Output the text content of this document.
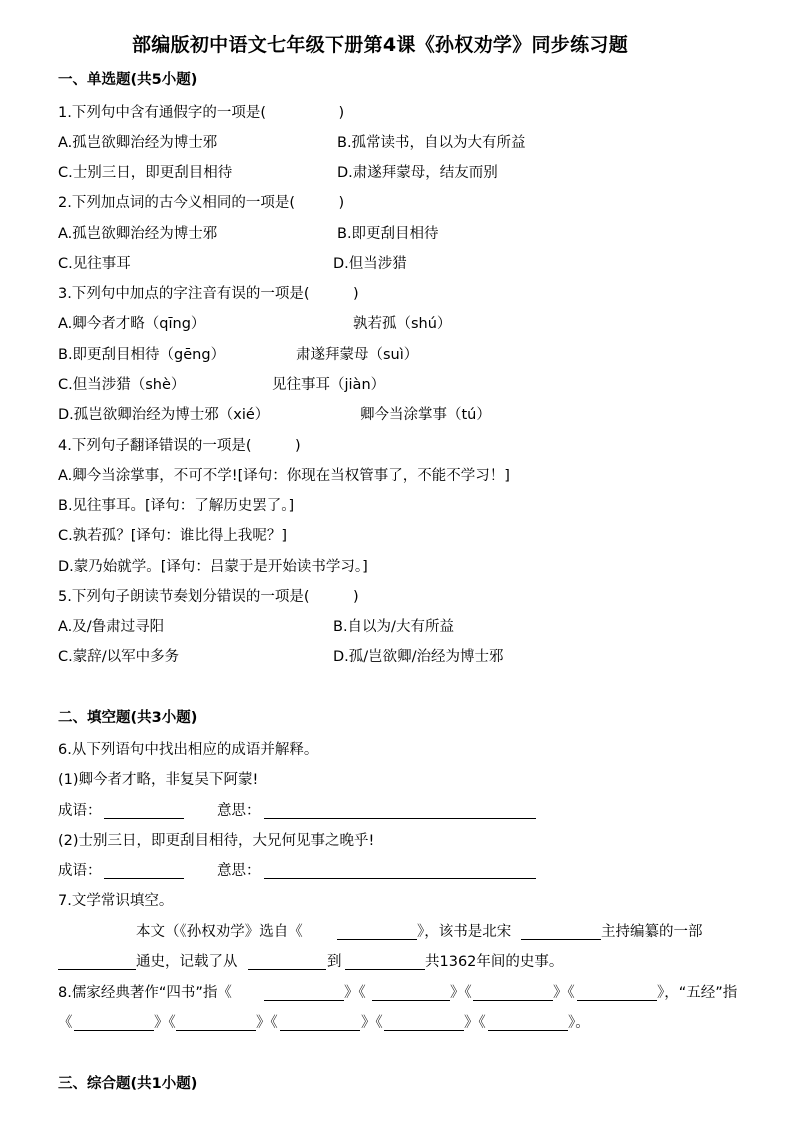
部编版初中语文七年级下册第4课《孙权劝学》同步练习题
一、单选题(共5小题)
1.下列句中含有通假字的一项是(　　　　　)
A.孤岂欲卿治经为博士邪	B.孤常读书，自以为大有所益
C.士别三日，即更刮目相待	D.肃遂拜蒙母，结友而别
2.下列加点词的古今义相同的一项是(　　　)
A.孤岂欲卿治经为博士邪	B.即更刮目相待
C.见往事耳	D.但当涉猎
3.下列句中加点的字注音有误的一项是(　　　)
A.卿今者才略（qīng）	孰若孤（shú）
B.即更刮目相待（gēng）	肃遂拜蒙母（suì）
C.但当涉猎（shè）	见往事耳（jiàn）
D.孤岂欲卿治经为博士邪（xié）	卿今当涂掌事（tú）
4.下列句子翻译错误的一项是(　　　)
A.卿今当涂掌事，不可不学![译句：你现在当权管事了，不能不学习！]
B.见往事耳。[译句：了解历史罢了。]
C.孰若孤？[译句：谁比得上我呢？]
D.蒙乃始就学。[译句：吕蒙于是开始读书学习。]
5.下列句子朗读节奏划分错误的一项是(　　　)
A.及/鲁肃过寻阳	B.自以为/大有所益
C.蒙辞/以军中多务	D.孤/岂欲卿/治经为博士邪
二、填空题(共3小题)
6.从下列语句中找出相应的成语并解释。
(1)卿今者才略，非复吴下阿蒙!
成语：	意思：
(2)士别三日，即更刮目相待，大兄何见事之晚乎!
成语：	意思：
7.文学常识填空。
本文（《孙权劝学》选自《	》，该书是北宋	主持编纂的一部
通史，记载了从	到	共1362年间的史事。
8.儒家经典著作“四书”指《	》《	》《	》《	》，“五经”指
《	》《	》《	》《	》《	》。
三、综合题(共1小题)
